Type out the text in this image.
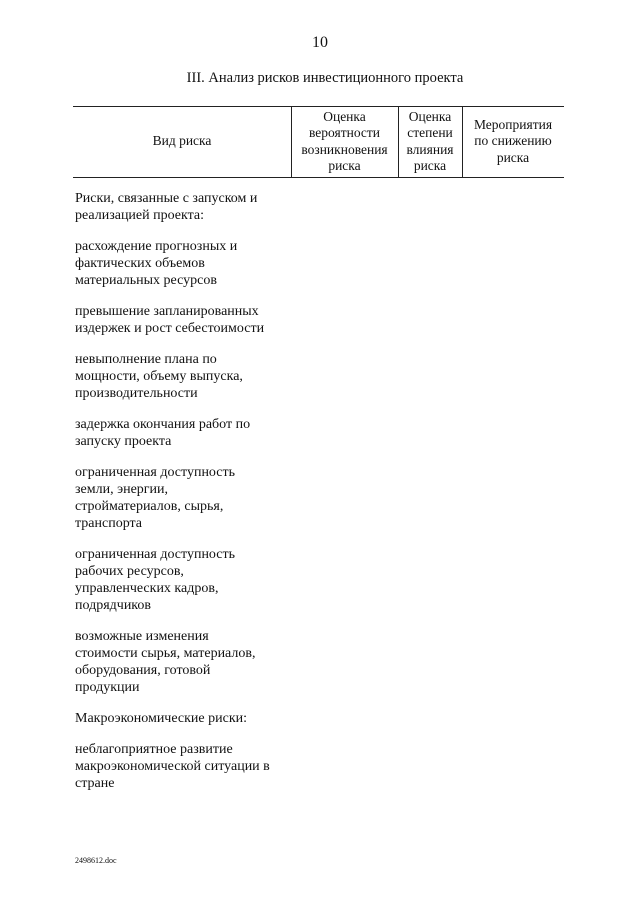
10
III. Анализ рисков инвестиционного проекта
Вид риска
Оценка
вероятности
возникновения
риска
Оценка
степени
влияния
риска
Мероприятия
по снижению
риска
Риски, связанные с запуском и
реализацией проекта:
расхождение прогнозных и
фактических объемов
материальных ресурсов
превышение запланированных
издержек и рост себестоимости
невыполнение плана по
мощности, объему выпуска,
производительности
задержка окончания работ по
запуску проекта
ограниченная доступность
земли, энергии,
стройматериалов, сырья,
транспорта
ограниченная доступность
рабочих ресурсов,
управленческих кадров,
подрядчиков
возможные изменения
стоимости сырья, материалов,
оборудования, готовой
продукции
Макроэкономические риски:
неблагоприятное развитие
макроэкономической ситуации в
стране
2498612.doc
